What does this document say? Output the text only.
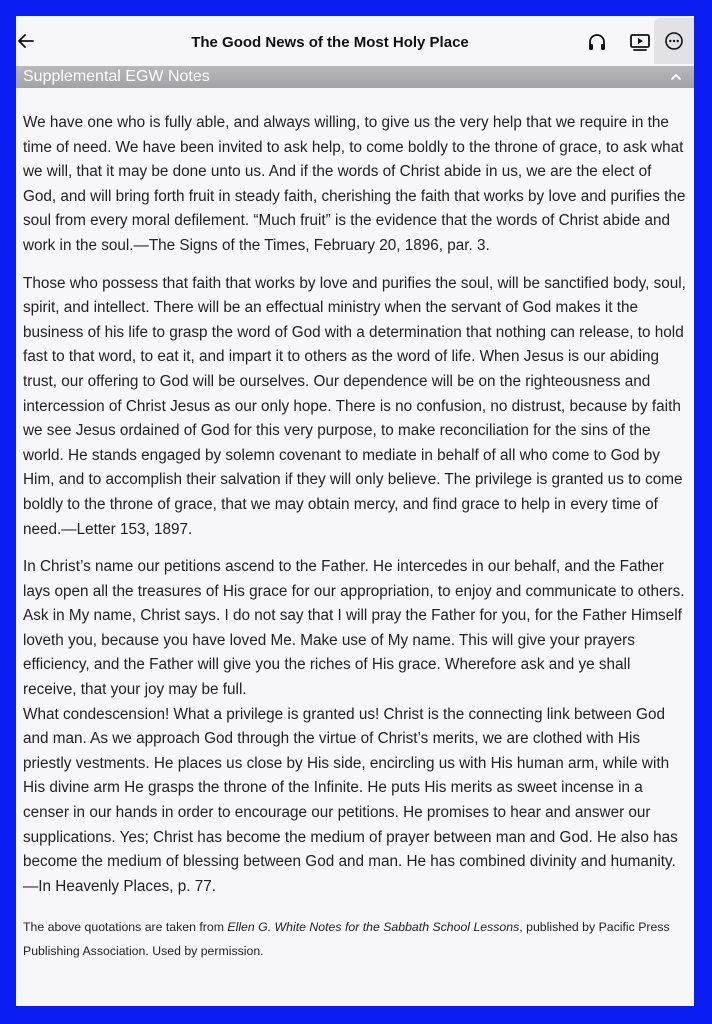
The Good News of the Most Holy Place
Supplemental EGW Notes

We have one who is fully able, and always willing, to give us the very help that we require in the time of need. We have been invited to ask help, to come boldly to the throne of grace, to ask what we will, that it may be done unto us. And if the words of Christ abide in us, we are the elect of God, and will bring forth fruit in steady faith, cherishing the faith that works by love and purifies the soul from every moral defilement. “Much fruit” is the evidence that the words of Christ abide and work in the soul.—The Signs of the Times, February 20, 1896, par. 3.

Those who possess that faith that works by love and purifies the soul, will be sanctified body, soul, spirit, and intellect. There will be an effectual ministry when the servant of God makes it the business of his life to grasp the word of God with a determination that nothing can release, to hold fast to that word, to eat it, and impart it to others as the word of life. When Jesus is our abiding trust, our offering to God will be ourselves. Our dependence will be on the righteousness and intercession of Christ Jesus as our only hope. There is no confusion, no distrust, because by faith we see Jesus ordained of God for this very purpose, to make reconciliation for the sins of the world. He stands engaged by solemn covenant to mediate in behalf of all who come to God by Him, and to accomplish their salvation if they will only believe. The privilege is granted us to come boldly to the throne of grace, that we may obtain mercy, and find grace to help in every time of need.—Letter 153, 1897.

In Christ’s name our petitions ascend to the Father. He intercedes in our behalf, and the Father lays open all the treasures of His grace for our appropriation, to enjoy and communicate to others. Ask in My name, Christ says. I do not say that I will pray the Father for you, for the Father Himself loveth you, because you have loved Me. Make use of My name. This will give your prayers efficiency, and the Father will give you the riches of His grace. Wherefore ask and ye shall receive, that your joy may be full.

What condescension! What a privilege is granted us! Christ is the connecting link between God and man. As we approach God through the virtue of Christ’s merits, we are clothed with His priestly vestments. He places us close by His side, encircling us with His human arm, while with His divine arm He grasps the throne of the Infinite. He puts His merits as sweet incense in a censer in our hands in order to encourage our petitions. He promises to hear and answer our supplications. Yes; Christ has become the medium of prayer between man and God. He also has become the medium of blessing between God and man. He has combined divinity and humanity.—In Heavenly Places, p. 77.

The above quotations are taken from Ellen G. White Notes for the Sabbath School Lessons, published by Pacific Press Publishing Association. Used by permission.
